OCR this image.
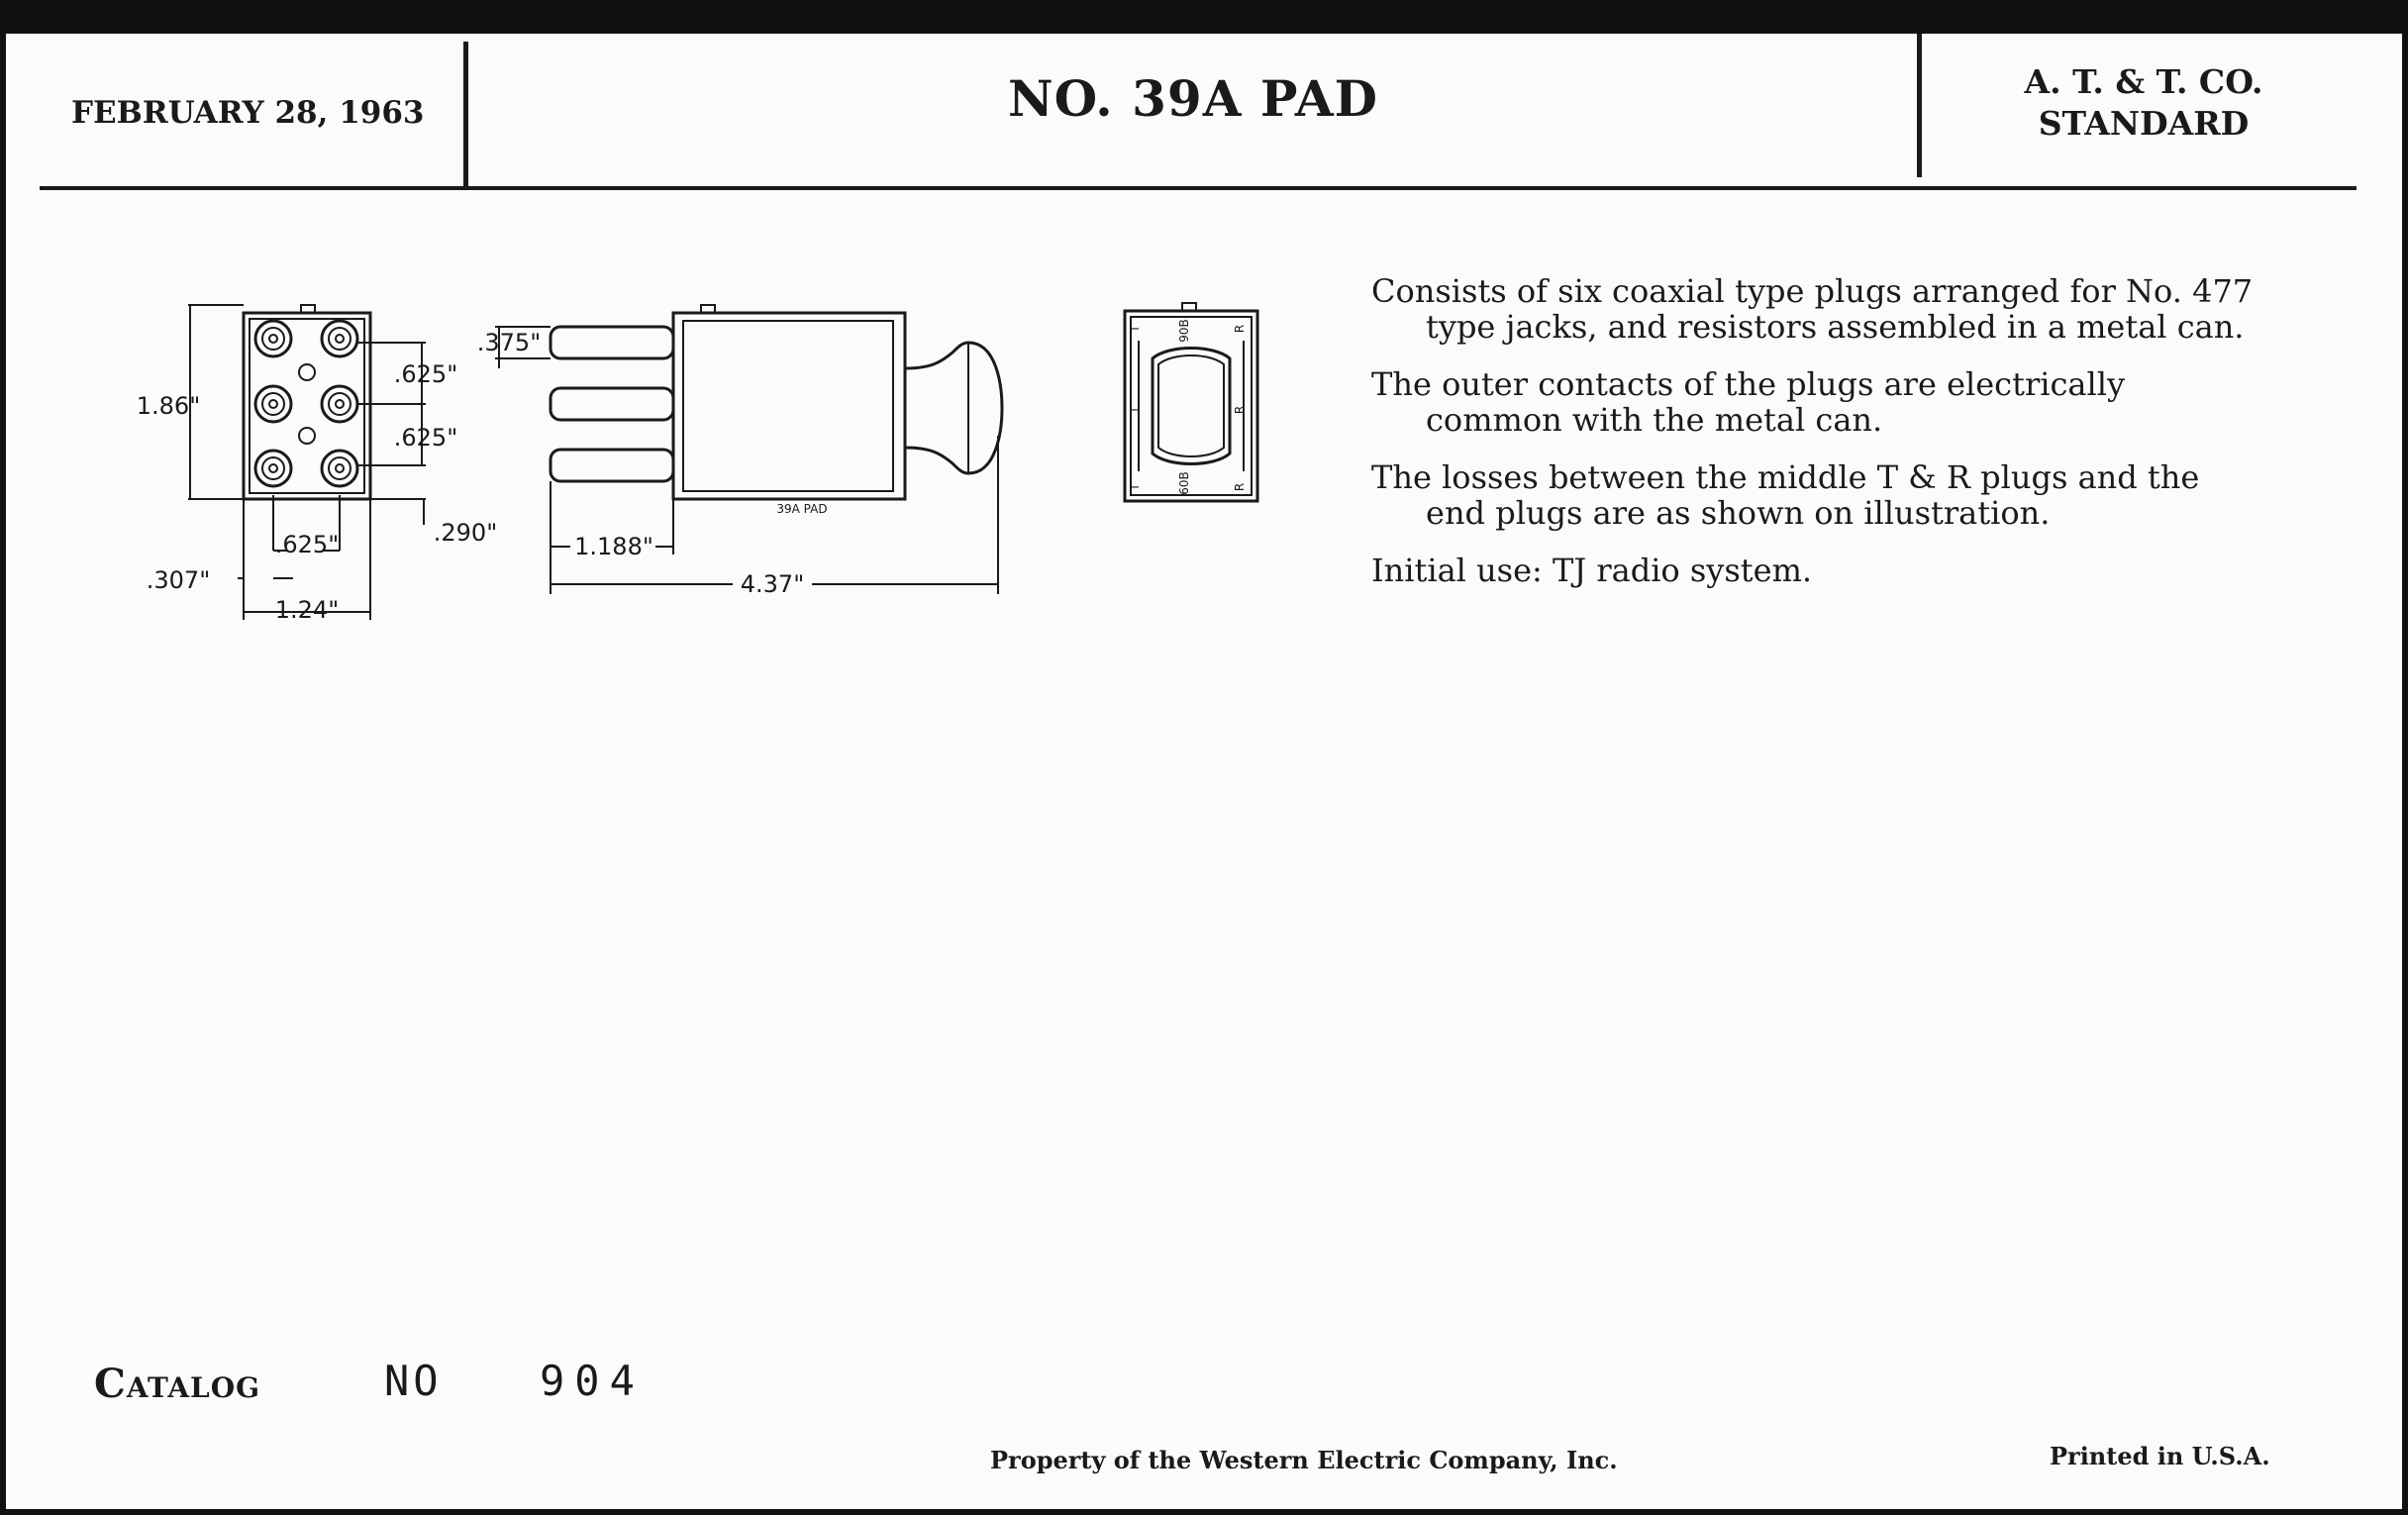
FEBRUARY 28, 1963	NO. 39A PAD	A. T. & T. CO.
STANDARD
1.86"
.625"
.625"
.290"
.625"
.307"
1.24"
39A PAD
.375"
1.188"
4.37"
T	90B	R
T	R
T	60B	R

Consists of six coaxial type plugs arranged for No. 477 type jacks, and resistors assembled in a metal can.

The outer contacts of the plugs are electrically common with the metal can.

The losses between the middle T & R plugs and the end plugs are as shown on illustration.

Initial use: TJ radio system.

Catalog	NO 904
Property of the Western Electric Company, Inc.	Printed in U.S.A.
